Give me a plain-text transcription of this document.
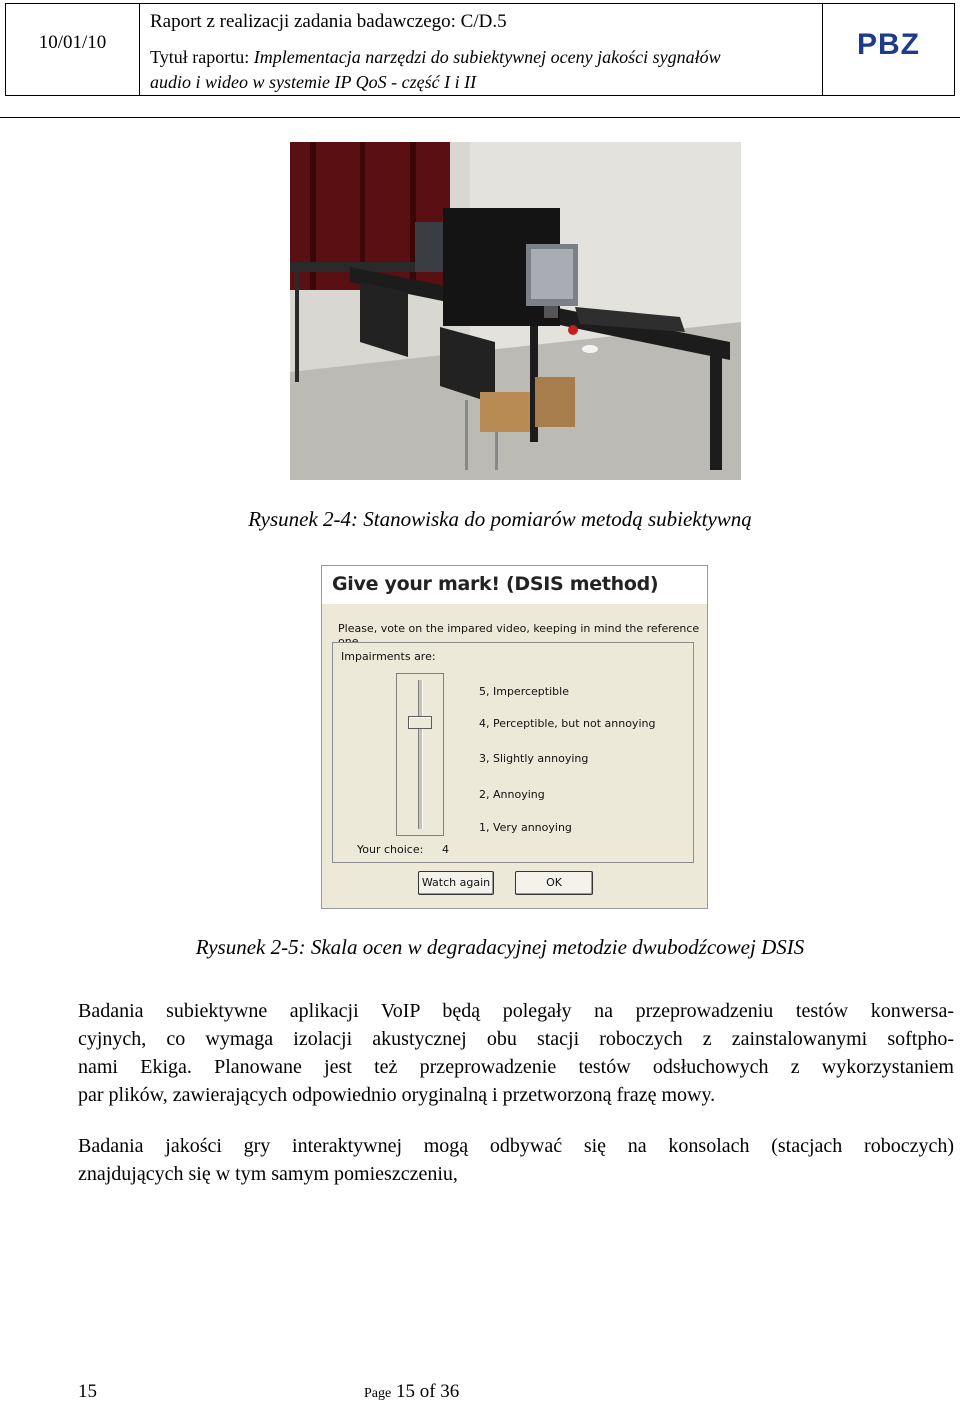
10/01/10
Raport z realizacji zadania badawczego: C/D.5
Tytuł raportu: Implementacja narzędzi do subiektywnej oceny jakości sygnałów
audio i wideo w systemie IP QoS - część I i II
PBZ
Rysunek 2-4: Stanowiska do pomiarów metodą subiektywną
Give your mark! (DSIS method)
Please, vote on the impared video, keeping in mind the reference
Impairments are:
5, Imperceptible
4, Perceptible, but not annoying
3, Slightly annoying
2, Annoying
1, Very annoying
Your choice: 4
Watch again	OK
Rysunek 2-5: Skala ocen w degradacyjnej metodzie dwubodźcowej DSIS
Badania subiektywne aplikacji VoIP będą polegały na przeprowadzeniu testów konwersa-
cyjnych, co wymaga izolacji akustycznej obu stacji roboczych z zainstalowanymi softpho-
nami Ekiga. Planowane jest też przeprowadzenie testów odsłuchowych z wykorzystaniem
par plików, zawierających odpowiednio oryginalną i przetworzoną frazę mowy.
Badania jakości gry interaktywnej mogą odbywać się na konsolach (stacjach roboczych)
znajdujących się w tym samym pomieszczeniu,
15	Page 15 of 36
